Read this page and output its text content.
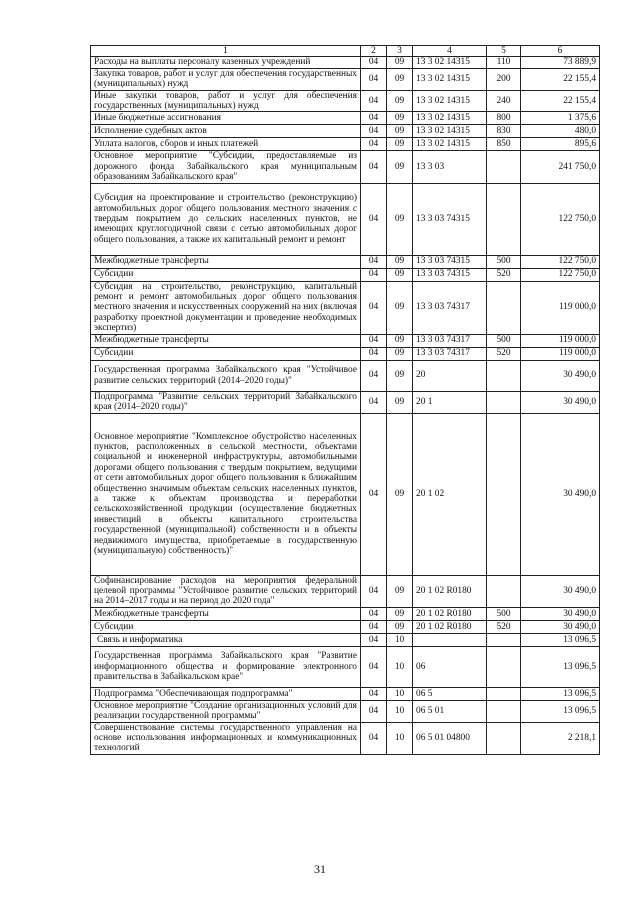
1	2	3	4	5	6
Расходы на выплаты персоналу казенных учреждений	04	09	13 3 02 14315	110	73 889,9
Закупка товаров, работ и услуг для обеспечения государственных (муниципальных) нужд	04	09	13 3 02 14315	200	22 155,4
Иные закупки товаров, работ и услуг для обеспечения государственных (муниципальных) нужд	04	09	13 3 02 14315	240	22 155,4
Иные бюджетные ассигнования	04	09	13 3 02 14315	800	1 375,6
Исполнение судебных актов	04	09	13 3 02 14315	830	480,0
Уплата налогов, сборов и иных платежей	04	09	13 3 02 14315	850	895,6
Основное мероприятие "Субсидии, предоставляемые из дорожного фонда Забайкальского края муниципальным образованиям Забайкальского края"	04	09	13 3 03		241 750,0
Субсидия на проектирование и строительство (реконструкцию) автомобильных дорог общего пользования местного значения с твердым покрытием до сельских населенных пунктов, не имеющих круглогодичной связи с сетью автомобильных дорог общего пользования, а также их капитальный ремонт и ремонт	04	09	13 3 03 74315		122 750,0
Межбюджетные трансферты	04	09	13 3 03 74315	500	122 750,0
Субсидии	04	09	13 3 03 74315	520	122 750,0
Субсидия на строительство, реконструкцию, капитальный ремонт и ремонт автомобильных дорог общего пользования местного значения и искусственных сооружений на них (включая разработку проектной документации и проведение необходимых экспертиз)	04	09	13 3 03 74317		119 000,0
Межбюджетные трансферты	04	09	13 3 03 74317	500	119 000,0
Субсидии	04	09	13 3 03 74317	520	119 000,0
Государственная программа Забайкальского края "Устойчивое развитие сельских территорий (2014–2020 годы)"	04	09	20		30 490,0
Подпрограмма "Развитие сельских территорий Забайкальского края (2014–2020 годы)"	04	09	20 1		30 490,0
Основное мероприятие "Комплексное обустройство населенных пунктов, расположенных в сельской местности, объектами социальной и инженерной инфраструктуры, автомобильными дорогами общего пользования с твердым покрытием, ведущими от сети автомобильных дорог общего пользования к ближайшим общественно значимым объектам сельских населенных пунктов, а также к объектам производства и переработки сельскохозяйственной продукции (осуществление бюджетных инвестиций в объекты капитального строительства государственной (муниципальной) собственности и в объекты недвижимого имущества, приобретаемые в государственную (муниципальную) собственность)"	04	09	20 1 02		30 490,0
Софинансирование расходов на мероприятия федеральной целевой программы "Устойчивое развитие сельских территорий на 2014–2017 годы и на период до 2020 года"	04	09	20 1 02 R0180		30 490,0
Межбюджетные трансферты	04	09	20 1 02 R0180	500	30 490,0
Субсидии	04	09	20 1 02 R0180	520	30 490,0
Связь и информатика	04	10			13 096,5
Государственная программа Забайкальского края "Развитие информационного общества и формирование электронного правительства в Забайкальском крае"	04	10	06		13 096,5
Подпрограмма "Обеспечивающая подпрограмма"	04	10	06 5		13 096,5
Основное мероприятие "Создание организационных условий для реализации государственной программы"	04	10	06 5 01		13 096,5
Совершенствование системы государственного управления на основе использования информационных и коммуникационных технологий	04	10	06 5 01 04800		2 218,1
31
